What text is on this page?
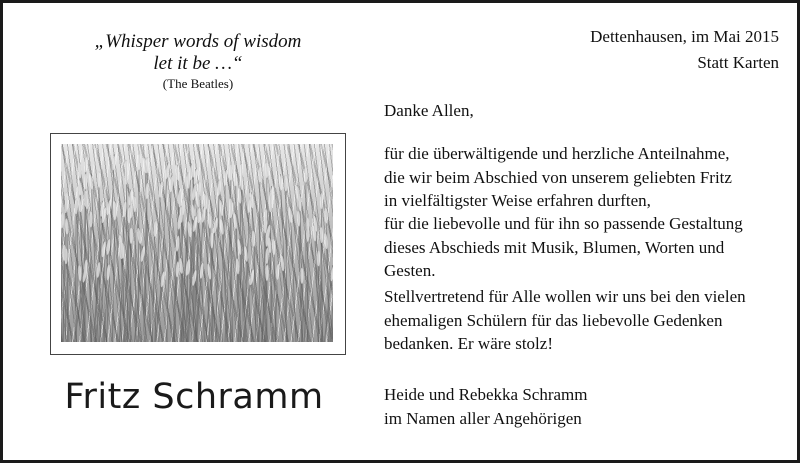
„Whisper words of wisdom
let it be …“
(The Beatles)
Dettenhausen, im Mai 2015
Statt Karten
Fritz Schramm
Danke Allen,

für die überwältigende und herzliche Anteilnahme,

die wir beim Abschied von unserem geliebten Fritz

in vielfältigster Weise erfahren durften,

für die liebevolle und für ihn so passende Gestaltung

dieses Abschieds mit Musik, Blumen, Worten und

Gesten.

Stellvertretend für Alle wollen wir uns bei den vielen

ehemaligen Schülern für das liebevolle Gedenken

bedanken. Er wäre stolz!

Heide und Rebekka Schramm

im Namen aller Angehörigen
